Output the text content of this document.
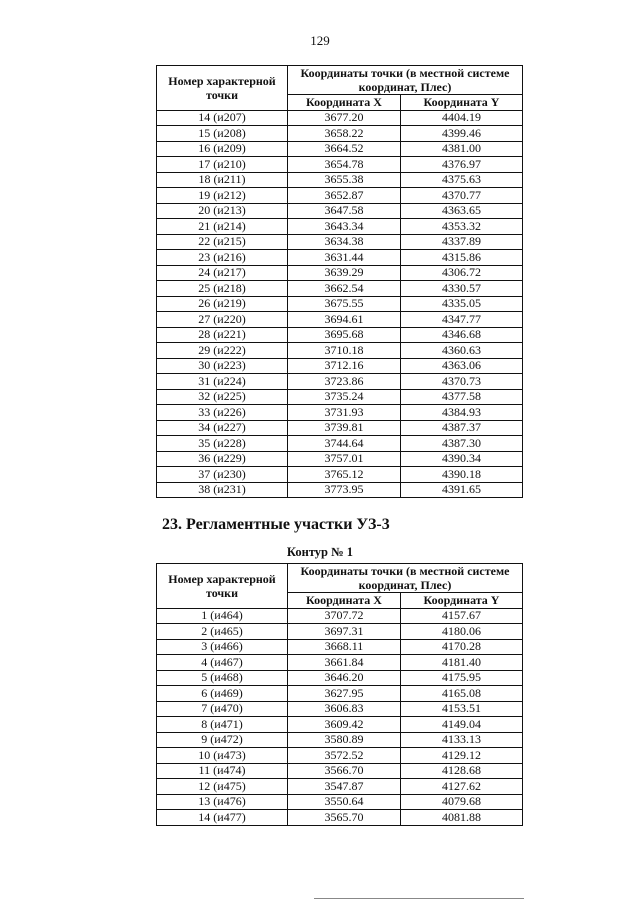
129
Номер характерной точки	Координаты точки (в местной системе координат, Плес)	
	Координата X	Координата Y
14 (и207)	3677.20	4404.19
15 (и208)	3658.22	4399.46
16 (и209)	3664.52	4381.00
17 (и210)	3654.78	4376.97
18 (и211)	3655.38	4375.63
19 (и212)	3652.87	4370.77
20 (и213)	3647.58	4363.65
21 (и214)	3643.34	4353.32
22 (и215)	3634.38	4337.89
23 (и216)	3631.44	4315.86
24 (и217)	3639.29	4306.72
25 (и218)	3662.54	4330.57
26 (и219)	3675.55	4335.05
27 (и220)	3694.61	4347.77
28 (и221)	3695.68	4346.68
29 (и222)	3710.18	4360.63
30 (и223)	3712.16	4363.06
31 (и224)	3723.86	4370.73
32 (и225)	3735.24	4377.58
33 (и226)	3731.93	4384.93
34 (и227)	3739.81	4387.37
35 (и228)	3744.64	4387.30
36 (и229)	3757.01	4390.34
37 (и230)	3765.12	4390.18
38 (и231)	3773.95	4391.65
23. Регламентные участки УЗ-3
Контур № 1
Номер характерной точки	Координаты точки (в местной системе координат, Плес)	
	Координата X	Координата Y
1 (и464)	3707.72	4157.67
2 (и465)	3697.31	4180.06
3 (и466)	3668.11	4170.28
4 (и467)	3661.84	4181.40
5 (и468)	3646.20	4175.95
6 (и469)	3627.95	4165.08
7 (и470)	3606.83	4153.51
8 (и471)	3609.42	4149.04
9 (и472)	3580.89	4133.13
10 (и473)	3572.52	4129.12
11 (и474)	3566.70	4128.68
12 (и475)	3547.87	4127.62
13 (и476)	3550.64	4079.68
14 (и477)	3565.70	4081.88
